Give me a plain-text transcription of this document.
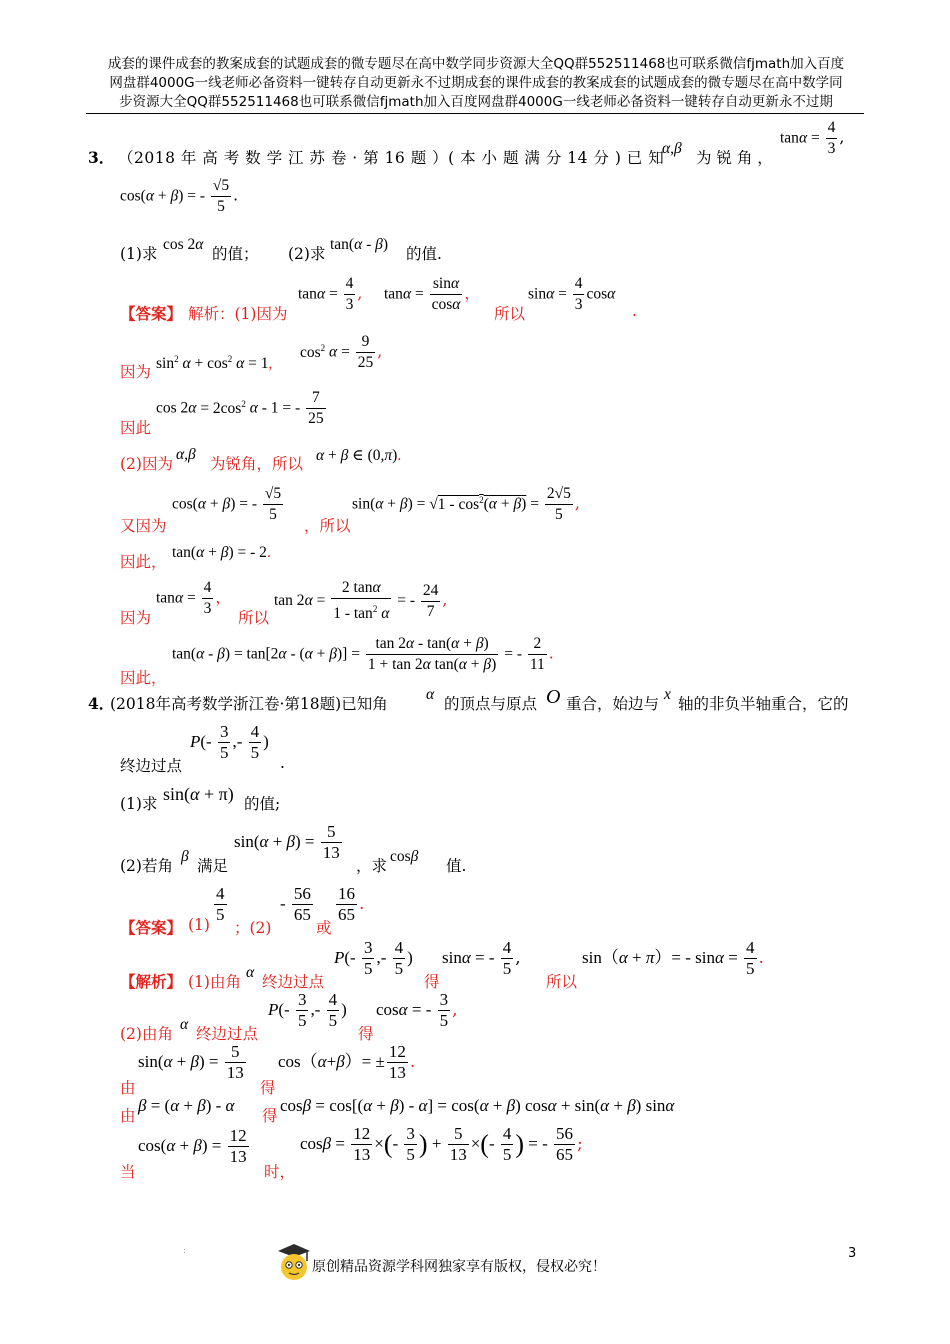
成套的课件成套的教案成套的试题成套的微专题尽在高中数学同步资源大全QQ群552511468也可联系微信fjmath加入百度
网盘群4000G一线老师必备资料一键转存自动更新永不过期成套的课件成套的教案成套的试题成套的微专题尽在高中数学同
步资源大全QQ群552511468也可联系微信fjmath加入百度网盘群4000G一线老师必备资料一键转存自动更新永不过期
3． （2018 年 高 考 数 学 江 苏 卷 · 第 16 题 ）( 本 小 题 满 分 14 分 ) 已 知
α,β
为 锐 角 ，
$\tan\alpha = \frac{4}{3}$ ,
cos(α + β) = - $\frac{√5}{5}$ .
(1)求
cos 2α
的值； (2)求
tan(α - β)
的值.
【答案】 解析：(1)因为
$\tan\alpha = \frac{4}{3}$ , $\tan\alpha = \frac{\sin\alpha}{\cos\alpha}$ ，
所以
$\sin\alpha = \frac{4}{3}$ cosα
.
因为 $\sin^2 \alpha + \cos^2 \alpha = 1$,
$\cos^2 \alpha = \frac{9}{25}$ ,
因此
$\cos 2\alpha = 2\cos^2$ α - 1 = - $\frac{7}{25}$
(2)因为
α,β
为锐角，所以 α + β ∈ (0,π).
又因为
cos(α + β) = - $\frac{√5}{5}$
，所以
$\sin(\alpha + \beta) = √1 - \cos^2(\overline{\alpha} + \overline{\beta}) = \frac{2√5}{5}$ ,
因此，
tan(α + β) = - 2.
因为
$\tan\alpha = \frac{4}{3}$ ，
所以
$\tan 2\alpha = \frac{2 \tan\alpha}{1 - \tan^2 \alpha}$ = - $\frac{24}{7}$ ,
因此，
$\tan(\alpha - \beta) = \tan[2\alpha - (\alpha + \beta)] = \frac{\tan 2\alpha - \tan(\alpha + \beta)}{\text{1 + tan 2α tan(α + β)}}$ = - $\frac{2}{11}$ .
4．
(2018年高考数学浙江卷·第18题)已知角
α
的顶点与原点 O 重合，始边与
x
轴的非负半轴重合，它的
终边过点
$P(- \frac{3}{5}$ ,- $\frac{4}{5}$ )
.
(1)求 sin(α + π) 的值;
(2)若角
β
满足
$\sin(\alpha + \beta) = \frac{5}{13}$
，求
cosβ
值.
【答案】 $(1) \frac{4}{5}$
；(2)
- $\frac{56}{65}$
或
$\frac{16}{65}$ .
【解析】 (1)由角
α
终边过点
$P(- \frac{3}{5}$ ,- $\frac{4}{5}$ )
得
sinα = - $\frac{4}{5}$ ,
所以
$\sin(\alpha + \pi)= - \sin\alpha = \frac{4}{5}$ .
(2)由角
α
终边过点
$P(- \frac{3}{5}$ ,- $\frac{4}{5}$ )
得
cosα = - $\frac{3}{5}$ ,
由
$\sin(\alpha + \beta) = \frac{5}{13}$
得
$\cos(\alpha+\beta)= \pm \frac{12}{13}$ .
由
β = (α + β) - α
得
cosβ = cos[(α + β) - α] = cos(α + β) cosα + sin(α + β) sinα
当
$\cos(\alpha + \beta) = \frac{12}{13}$
时，
$\cos\beta = \frac{12}{13}$ ×(- $\frac{3}{5}$ ) + $\frac{5}{13}$ ×(- $\frac{4}{5}$ ) = - $\frac{56}{65}$ ;
:	3
原创精品资源学科网独家享有版权，侵权必究！
